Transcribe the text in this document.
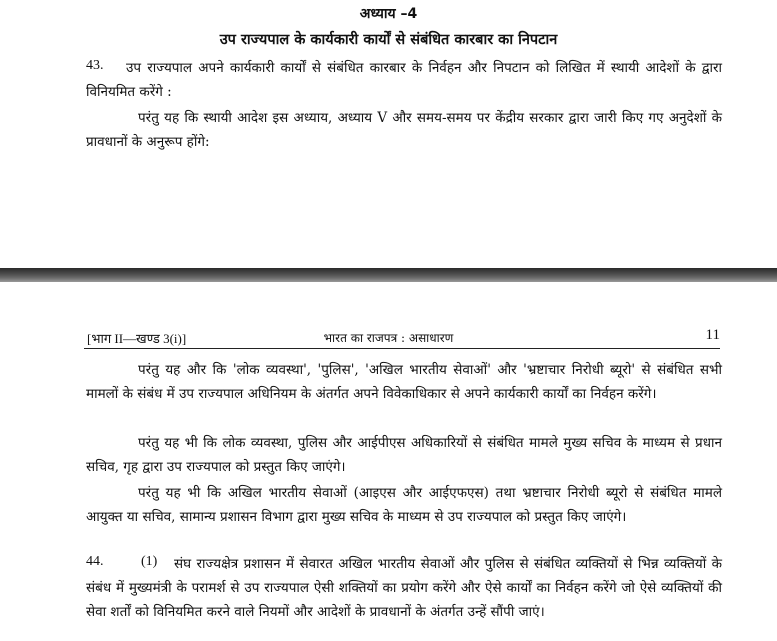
अध्याय –4
उप राज्यपाल के कार्यकारी कार्यों से संबंधित कारबार का निपटान
43.	उप राज्यपाल अपने कार्यकारी कार्यों से संबंधित कारबार के निर्वहन और निपटान को लिखित में स्थायी आदेशों के द्वारा विनियमित करेंगे :
परंतु यह कि स्थायी आदेश इस अध्याय, अध्याय V और समय-समय पर केंद्रीय सरकार द्वारा जारी किए गए अनुदेशों के प्रावधानों के अनुरूप होंगे:
[भाग II—खण्ड 3(i)]	भारत का राजपत्र : असाधारण	11
परंतु यह और कि 'लोक व्यवस्था', 'पुलिस', 'अखिल भारतीय सेवाओं' और 'भ्रष्टाचार निरोधी ब्यूरो' से संबंधित सभी मामलों के संबंध में उप राज्यपाल अधिनियम के अंतर्गत अपने विवेकाधिकार से अपने कार्यकारी कार्यों का निर्वहन करेंगे।
परंतु यह भी कि लोक व्यवस्था, पुलिस और आईपीएस अधिकारियों से संबंधित मामले मुख्य सचिव के माध्यम से प्रधान सचिव, गृह द्वारा उप राज्यपाल को प्रस्तुत किए जाएंगे।
परंतु यह भी कि अखिल भारतीय सेवाओं (आइएस और आईएफएस) तथा भ्रष्टाचार निरोधी ब्यूरो से संबंधित मामले आयुक्त या सचिव, सामान्य प्रशासन विभाग द्वारा मुख्य सचिव के माध्यम से उप राज्यपाल को प्रस्तुत किए जाएंगे।
44.	(1)	संघ राज्यक्षेत्र प्रशासन में सेवारत अखिल भारतीय सेवाओं और पुलिस से संबंधित व्यक्तियों से भिन्न व्यक्तियों के संबंध में मुख्यमंत्री के परामर्श से उप राज्यपाल ऐसी शक्तियों का प्रयोग करेंगे और ऐसे कार्यों का निर्वहन करेंगे जो ऐसे व्यक्तियों की सेवा शर्तों को विनियमित करने वाले नियमों और आदेशों के प्रावधानों के अंतर्गत उन्हें सौंपी जाएं।
